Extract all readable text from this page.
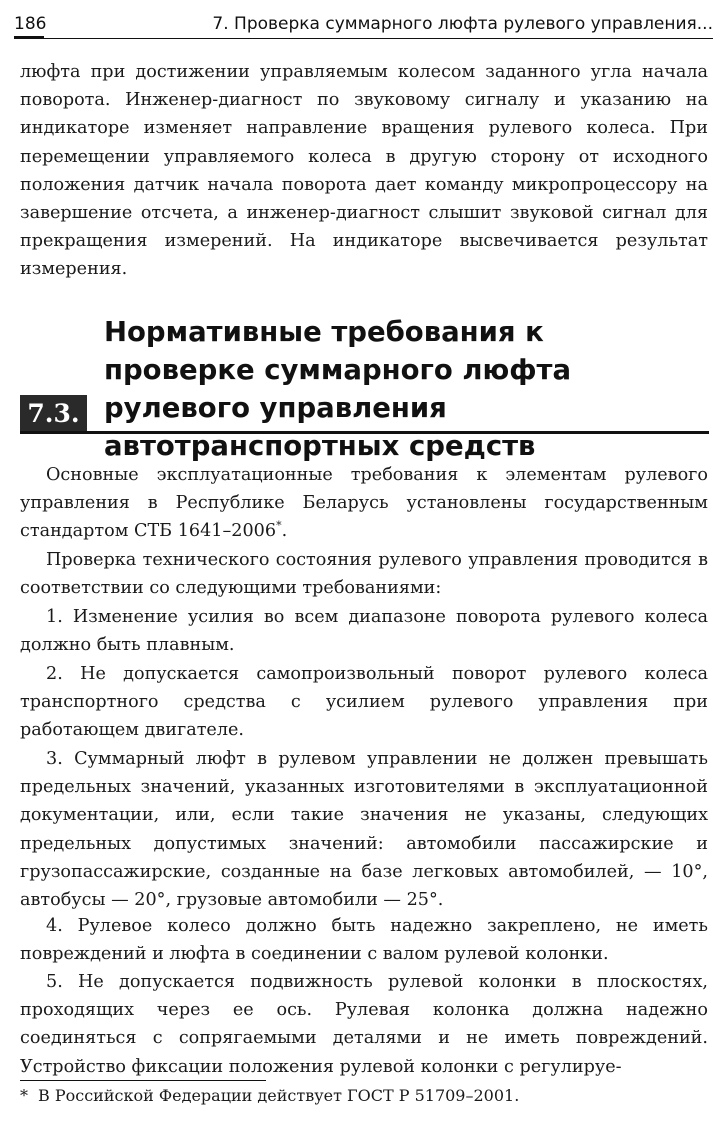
186	7. Проверка суммарного люфта рулевого управления...

люфта при достижении управляемым колесом заданного угла начала поворота. Инженер-диагност по звуковому сигналу и указанию на индикаторе изменяет направление вращения рулевого колеса. При перемещении управляемого колеса в другую сторону от исходного положения датчик начала поворота дает команду микропроцессору на завершение отсчета, а инженер-диагност слышит звуковой сигнал для прекращения измерений. На индикаторе высвечивается результат измерения.

Нормативные требования к проверке суммарного люфта рулевого управления автотранспортных средств
7.3.

Основные эксплуатационные требования к элементам рулевого управления в Республике Беларусь установлены государственным стандартом СТБ 1641–2006*.

Проверка технического состояния рулевого управления проводится в соответствии со следующими требованиями:

1. Изменение усилия во всем диапазоне поворота рулевого колеса должно быть плавным.

2. Не допускается самопроизвольный поворот рулевого колеса транспортного средства с усилием рулевого управления при работающем двигателе.

3. Суммарный люфт в рулевом управлении не должен превышать предельных значений, указанных изготовителями в эксплуатационной документации, или, если такие значения не указаны, следующих предельных допустимых значений: автомобили пассажирские и грузопассажирские, созданные на базе легковых автомобилей, — 10°, автобусы — 20°, грузовые автомобили — 25°.

4. Рулевое колесо должно быть надежно закреплено, не иметь повреждений и люфта в соединении с валом рулевой колонки.

5. Не допускается подвижность рулевой колонки в плоскостях, проходящих через ее ось. Рулевая колонка должна надежно соединяться с сопрягаемыми деталями и не иметь повреждений. Устройство фиксации положения рулевой колонки с регулируе-

* В Российской Федерации действует ГОСТ Р 51709–2001.
